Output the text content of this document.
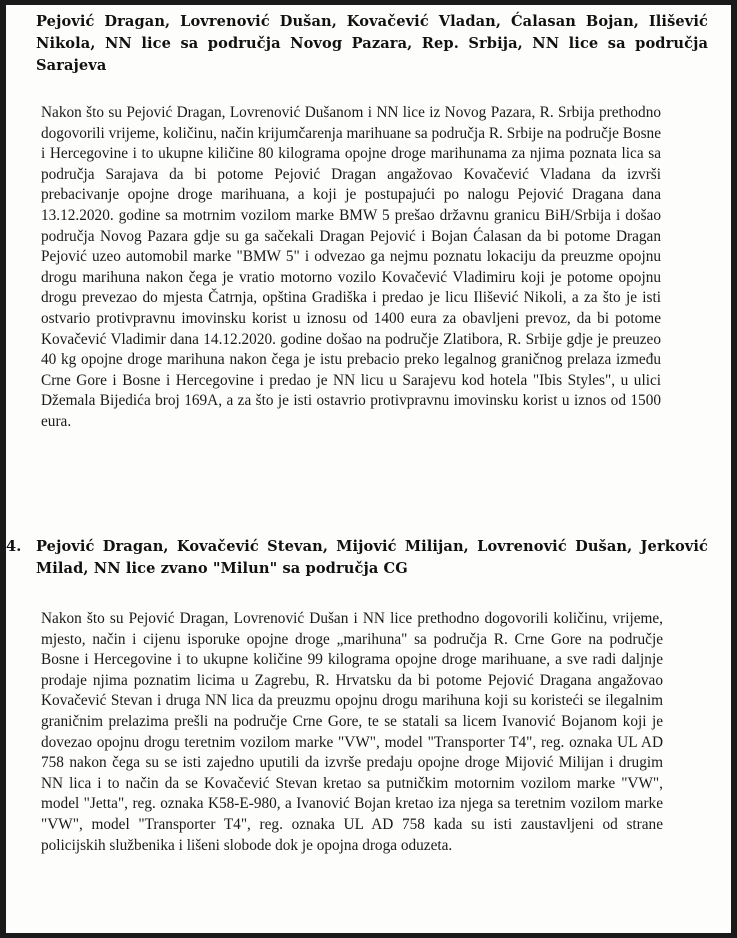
Pejović Dragan, Lovrenović Dušan, Kovačević Vladan, Ćalasan Bojan, Ilišević Nikola, NN lice sa područja Novog Pazara, Rep. Srbija, NN lice sa područja Sarajeva

Nakon što su Pejović Dragan, Lovrenović Dušanom i NN lice iz Novog Pazara, R. Srbija prethodno dogovorili vrijeme, količinu, način krijumčarenja marihuane sa područja R. Srbije na područje Bosne i Hercegovine i to ukupne kiličine 80 kilograma opojne droge marihunama za njima poznata lica sa područja Sarajava da bi potome Pejović Dragan angažovao Kovačević Vladana da izvrši prebacivanje opojne droge marihuana, a koji je postupajući po nalogu Pejović Dragana dana 13.12.2020. godine sa motrnim vozilom marke BMW 5 prešao državnu granicu BiH/Srbija i došao područja Novog Pazara gdje su ga sačekali Dragan Pejović i Bojan Ćalasan da bi potome Dragan Pejović uzeo automobil marke "BMW 5" i odvezao ga nejmu poznatu lokaciju da preuzme opojnu drogu marihuna nakon čega je vratio motorno vozilo Kovačević Vladimiru koji je potome opojnu drogu prevezao do mjesta Čatrnja, opština Gradiška i predao je licu Ilišević Nikoli, a za što je isti ostvario protivpravnu imovinsku korist u iznosu od 1400 eura za obavljeni prevoz, da bi potome Kovačević Vladimir dana 14.12.2020. godine došao na područje Zlatibora, R. Srbije gdje je preuzeo 40 kg opojne droge marihuna nakon čega je istu prebacio preko legalnog graničnog prelaza između Crne Gore i Bosne i Hercegovine i predao je NN licu u Sarajevu kod hotela "Ibis Styles", u ulici Džemala Bijedića broj 169A, a za što je isti ostavrio protivpravnu imovinsku korist u iznos od 1500 eura.

4. Pejović Dragan, Kovačević Stevan, Mijović Milijan, Lovrenović Dušan, Jerković Milad, NN lice zvano "Milun" sa područja CG

Nakon što su Pejović Dragan, Lovrenović Dušan i NN lice prethodno dogovorili količinu, vrijeme, mjesto, način i cijenu isporuke opojne droge „marihuna" sa područja R. Crne Gore na područje Bosne i Hercegovine i to ukupne količine 99 kilograma opojne droge marihuane, a sve radi daljnje prodaje njima poznatim licima u Zagrebu, R. Hrvatsku da bi potome Pejović Dragana angažovao Kovačević Stevan i druga NN lica da preuzmu opojnu drogu marihuna koji su koristeći se ilegalnim graničnim prelazima prešli na područje Crne Gore, te se statali sa licem Ivanović Bojanom koji je dovezao opojnu drogu teretnim vozilom marke "VW", model "Transporter T4", reg. oznaka UL AD 758 nakon čega su se isti zajedno uputili da izvrše predaju opojne droge Mijović Milijan i drugim NN lica i to način da se Kovačević Stevan kretao sa putničkim motornim vozilom marke "VW", model "Jetta", reg. oznaka K58-E-980, a Ivanović Bojan kretao iza njega sa teretnim vozilom marke "VW", model "Transporter T4", reg. oznaka UL AD 758 kada su isti zaustavljeni od strane policijskih službenika i lišeni slobode dok je opojna droga oduzeta.
